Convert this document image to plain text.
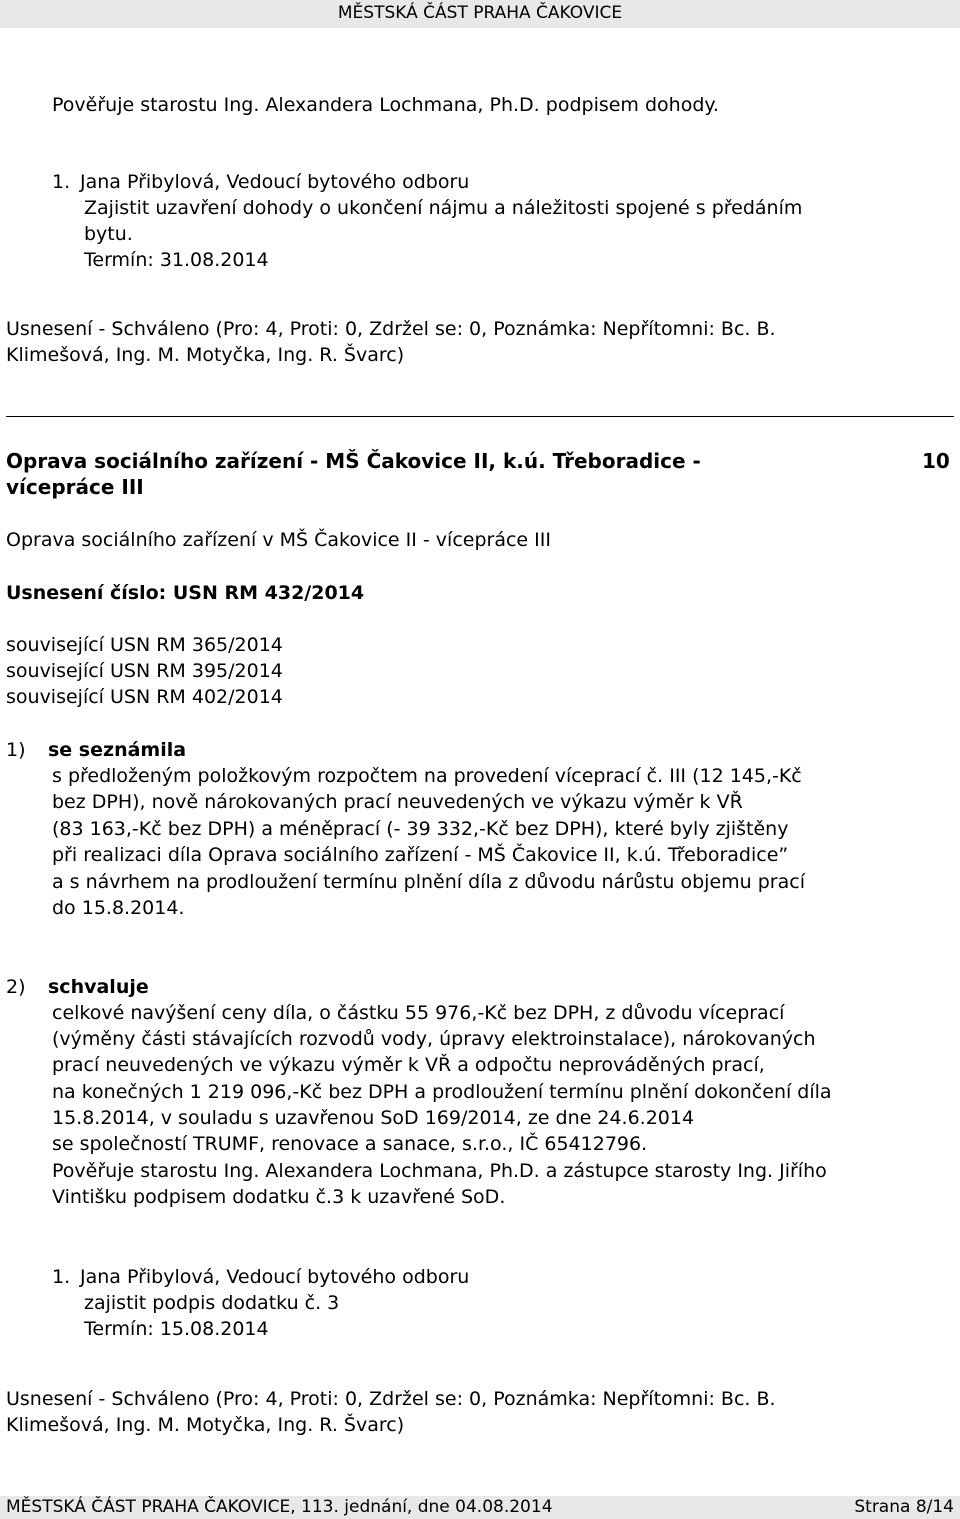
MĚSTSKÁ ČÁST PRAHA ČAKOVICE
Pověřuje starostu Ing. Alexandera Lochmana, Ph.D. podpisem dohody.
1. Jana Přibylová, Vedoucí bytového odboru
Zajistit uzavření dohody o ukončení nájmu a náležitosti spojené s předáním
bytu.
Termín: 31.08.2014
Usnesení - Schváleno (Pro: 4, Proti: 0, Zdržel se: 0, Poznámka: Nepřítomni: Bc. B.
Klimešová, Ing. M. Motyčka, Ing. R. Švarc)
Oprava sociálního zařízení - MŠ Čakovice II, k.ú. Třeboradice -
vícepráce III
10
Oprava sociálního zařízení v MŠ Čakovice II - vícepráce III
Usnesení číslo: USN RM 432/2014
související USN RM 365/2014
související USN RM 395/2014
související USN RM 402/2014
1) se seznámila
s předloženým položkovým rozpočtem na provedení víceprací č. III (12 145,-Kč
bez DPH), nově nárokovaných prací neuvedených ve výkazu výměr k VŘ
(83 163,-Kč bez DPH) a méněprací (- 39 332,-Kč bez DPH), které byly zjištěny
při realizaci díla Oprava sociálního zařízení - MŠ Čakovice II, k.ú. Třeboradice”
a s návrhem na prodloužení termínu plnění díla z důvodu nárůstu objemu prací
do 15.8.2014.
2) schvaluje
celkové navýšení ceny díla, o částku 55 976,-Kč bez DPH, z důvodu víceprací
(výměny části stávajících rozvodů vody, úpravy elektroinstalace), nárokovaných
prací neuvedených ve výkazu výměr k VŘ a odpočtu neprováděných prací,
na konečných 1 219 096,-Kč bez DPH a prodloužení termínu plnění dokončení díla
15.8.2014, v souladu s uzavřenou SoD 169/2014, ze dne 24.6.2014
se společností TRUMF, renovace a sanace, s.r.o., IČ 65412796.
Pověřuje starostu Ing. Alexandera Lochmana, Ph.D. a zástupce starosty Ing. Jiřího
Vintišku podpisem dodatku č.3 k uzavřené SoD.
1. Jana Přibylová, Vedoucí bytového odboru
zajistit podpis dodatku č. 3
Termín: 15.08.2014
Usnesení - Schváleno (Pro: 4, Proti: 0, Zdržel se: 0, Poznámka: Nepřítomni: Bc. B.
Klimešová, Ing. M. Motyčka, Ing. R. Švarc)
MĚSTSKÁ ČÁST PRAHA ČAKOVICE, 113. jednání, dne 04.08.2014	Strana 8/14
